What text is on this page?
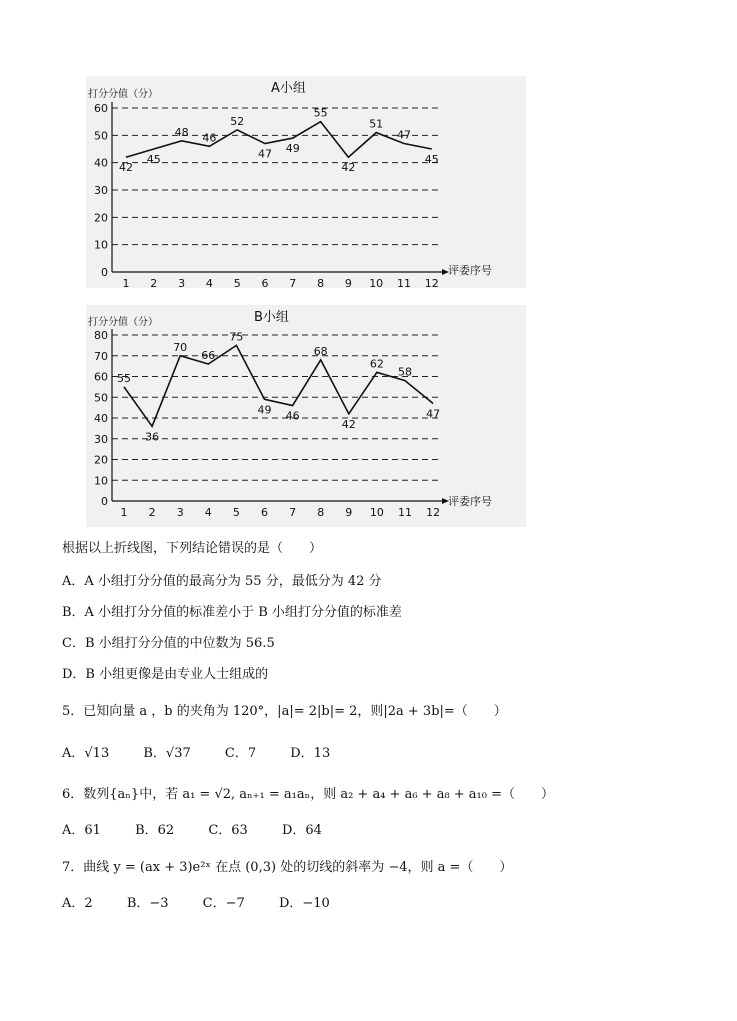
A小组
打分分值（分）
0
10
20
30
40
50
60
评委序号
1 2 3 4 5 6 7 8 9 10 11 12
42
45
48 46
52
47 49
55
42
51
47
45
B小组
打分分值（分）
0
10
20
30
40
50
60
70
80
评委序号
1 2 3 4 5 6 7 8 9 10 11 12
55
36
70
66
75
49 46
68
42
62
58
47
根据以上折线图，下列结论错误的是（　　）
A．A 小组打分分值的最高分为 55 分，最低分为 42 分
B．A 小组打分分值的标准差小于 B 小组打分分值的标准差
C．B 小组打分分值的中位数为 56.5
D．B 小组更像是由专业人士组成的
5．已知向量 a ，b 的夹角为 120°，|a|= 2|b|= 2，则|2a + 3b|=（　　）
A．√13	B．√37	C．7	D．13
6．数列{aₙ}中，若 a₁ = √2, aₙ₊₁ = a₁aₙ，则 a₂ + a₄ + a₆ + a₈ + a₁₀ =（　　）
A．61	B．62	C．63	D．64
7．曲线 y = (ax + 3)e²ˣ 在点 (0,3) 处的切线的斜率为 −4，则 a =（　　）
A．2	B．−3	C．−7	D．−10
